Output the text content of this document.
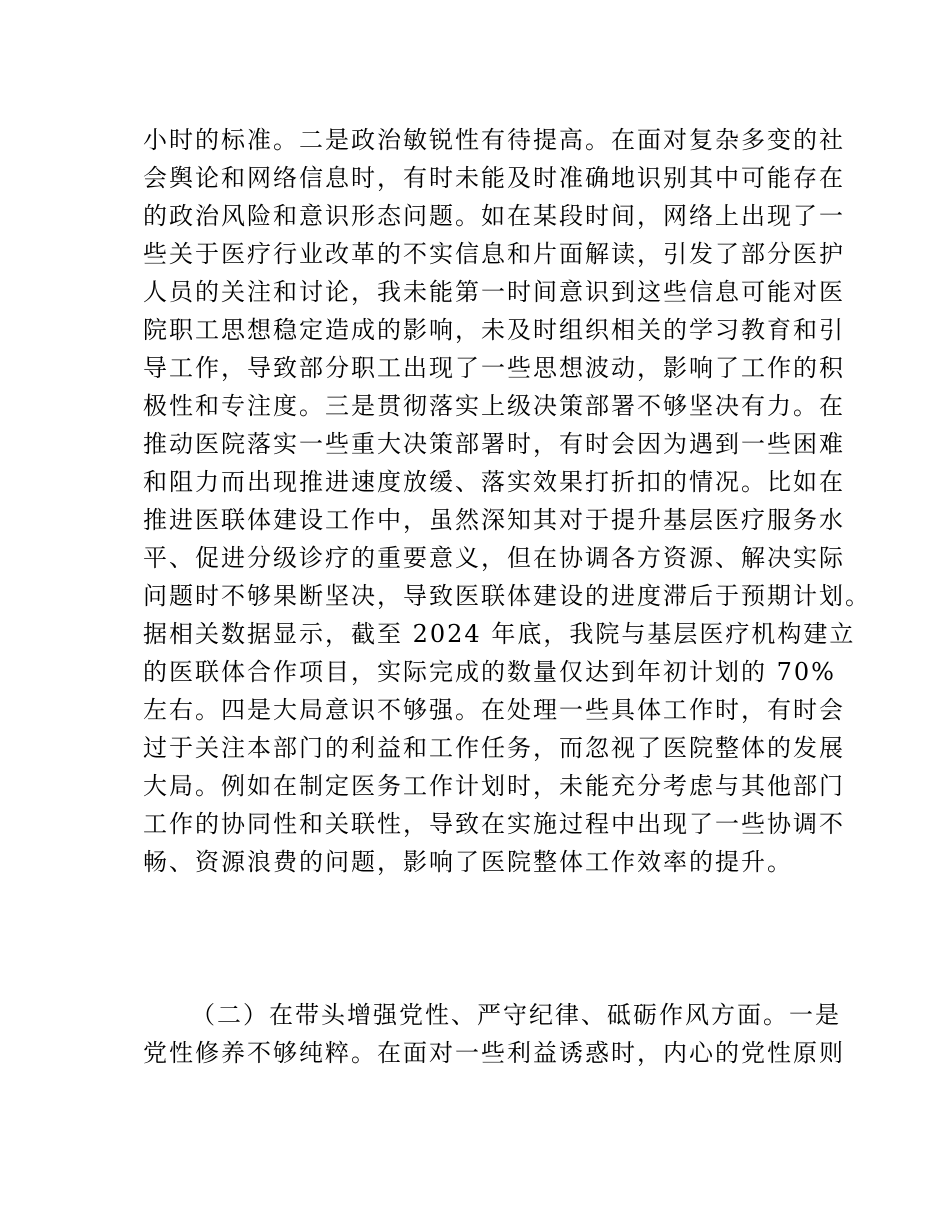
小时的标准。二是政治敏锐性有待提高。在面对复杂多变的社
会舆论和网络信息时，有时未能及时准确地识别其中可能存在
的政治风险和意识形态问题。如在某段时间，网络上出现了一
些关于医疗行业改革的不实信息和片面解读，引发了部分医护
人员的关注和讨论，我未能第一时间意识到这些信息可能对医
院职工思想稳定造成的影响，未及时组织相关的学习教育和引
导工作，导致部分职工出现了一些思想波动，影响了工作的积
极性和专注度。三是贯彻落实上级决策部署不够坚决有力。在
推动医院落实一些重大决策部署时，有时会因为遇到一些困难
和阻力而出现推进速度放缓、落实效果打折扣的情况。比如在
推进医联体建设工作中，虽然深知其对于提升基层医疗服务水
平、促进分级诊疗的重要意义，但在协调各方资源、解决实际
问题时不够果断坚决，导致医联体建设的进度滞后于预期计划。
据相关数据显示，截至 2024 年底，我院与基层医疗机构建立
的医联体合作项目，实际完成的数量仅达到年初计划的 70%
左右。四是大局意识不够强。在处理一些具体工作时，有时会
过于关注本部门的利益和工作任务，而忽视了医院整体的发展
大局。例如在制定医务工作计划时，未能充分考虑与其他部门
工作的协同性和关联性，导致在实施过程中出现了一些协调不
畅、资源浪费的问题，影响了医院整体工作效率的提升。
（二）在带头增强党性、严守纪律、砥砺作风方面。一是
党性修养不够纯粹。在面对一些利益诱惑时，内心的党性原则
